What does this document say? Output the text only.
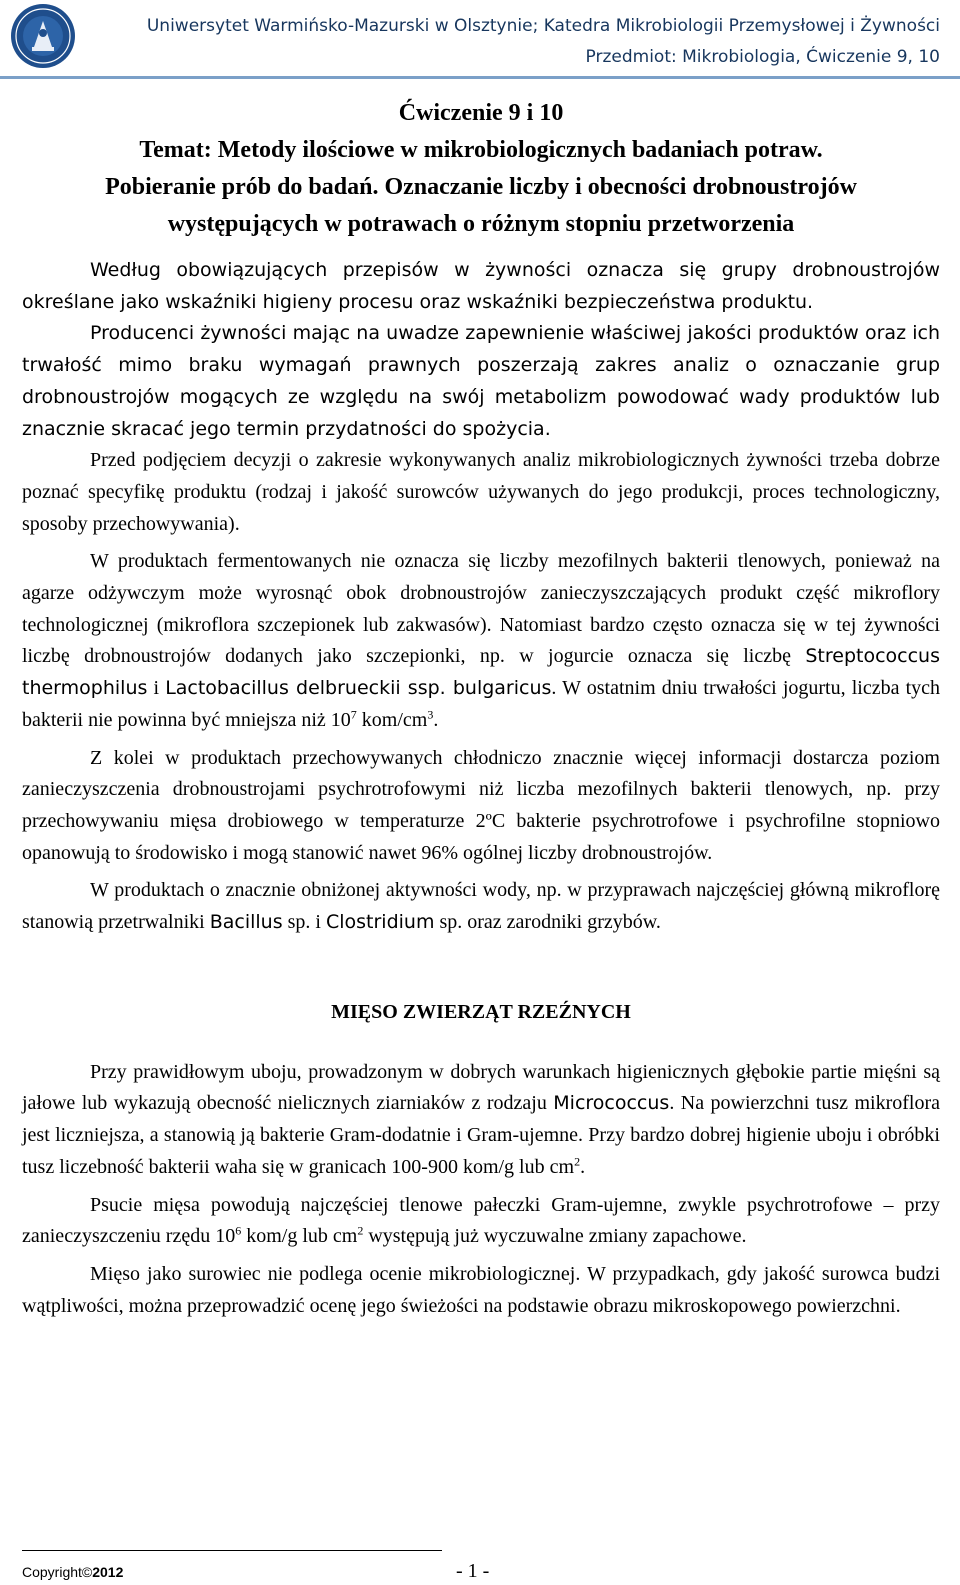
Uniwersytet Warmińsko-Mazurski w Olsztynie; Katedra Mikrobiologii Przemysłowej i Żywności
Przedmiot: Mikrobiologia, Ćwiczenie 9, 10
Ćwiczenie 9 i 10
Temat: Metody ilościowe w mikrobiologicznych badaniach potraw.
Pobieranie prób do badań. Oznaczanie liczby i obecności drobnoustrojów
występujących w potrawach o różnym stopniu przetworzenia

Według obowiązujących przepisów w żywności oznacza się grupy drobnoustrojów określane jako wskaźniki higieny procesu oraz wskaźniki bezpieczeństwa produktu.

Producenci żywności mając na uwadze zapewnienie właściwej jakości produktów oraz ich trwałość mimo braku wymagań prawnych poszerzają zakres analiz o oznaczanie grup drobnoustrojów mogących ze względu na swój metabolizm powodować wady produktów lub znacznie skracać jego termin przydatności do spożycia.

Przed podjęciem decyzji o zakresie wykonywanych analiz mikrobiologicznych żywności trzeba dobrze poznać specyfikę produktu (rodzaj i jakość surowców używanych do jego produkcji, proces technologiczny, sposoby przechowywania).

W produktach fermentowanych nie oznacza się liczby mezofilnych bakterii tlenowych, ponieważ na agarze odżywczym może wyrosnąć obok drobnoustrojów zanieczyszczających produkt część mikroflory technologicznej (mikroflora szczepionek lub zakwasów). Natomiast bardzo często oznacza się w tej żywności liczbę drobnoustrojów dodanych jako szczepionki, np. w jogurcie oznacza się liczbę Streptococcus thermophilus i Lactobacillus delbrueckii ssp. bulgaricus. W ostatnim dniu trwałości jogurtu, liczba tych bakterii nie powinna być mniejsza niż $10^7$ kom/$cm^3$.

Z kolei w produktach przechowywanych chłodniczo znacznie więcej informacji dostarcza poziom zanieczyszczenia drobnoustrojami psychrotrofowymi niż liczba mezofilnych bakterii tlenowych, np. przy przechowywaniu mięsa drobiowego w temperaturze 2ºC bakterie psychrotrofowe i psychrofilne stopniowo opanowują to środowisko i mogą stanowić nawet 96% ogólnej liczby drobnoustrojów.

W produktach o znacznie obniżonej aktywności wody, np. w przyprawach najczęściej główną mikroflorę stanowią przetrwalniki Bacillus sp. i Clostridium sp. oraz zarodniki grzybów.

MIĘSO ZWIERZĄT RZEŹNYCH

Przy prawidłowym uboju, prowadzonym w dobrych warunkach higienicznych głębokie partie mięśni są jałowe lub wykazują obecność nielicznych ziarniaków z rodzaju Micrococcus. Na powierzchni tusz mikroflora jest liczniejsza, a stanowią ją bakterie Gram-dodatnie i Gram-ujemne. Przy bardzo dobrej higienie uboju i obróbki tusz liczebność bakterii waha się w granicach 100-900 kom/g lub $cm^2$.

Psucie mięsa powodują najczęściej tlenowe pałeczki Gram-ujemne, zwykle psychrotrofowe – przy zanieczyszczeniu rzędu $10^6$ kom/g lub $cm^2$ występują już wyczuwalne zmiany zapachowe.

Mięso jako surowiec nie podlega ocenie mikrobiologicznej. W przypadkach, gdy jakość surowca budzi wątpliwości, można przeprowadzić ocenę jego świeżości na podstawie obrazu mikroskopowego powierzchni.

Copyright©2012	- 1 -
